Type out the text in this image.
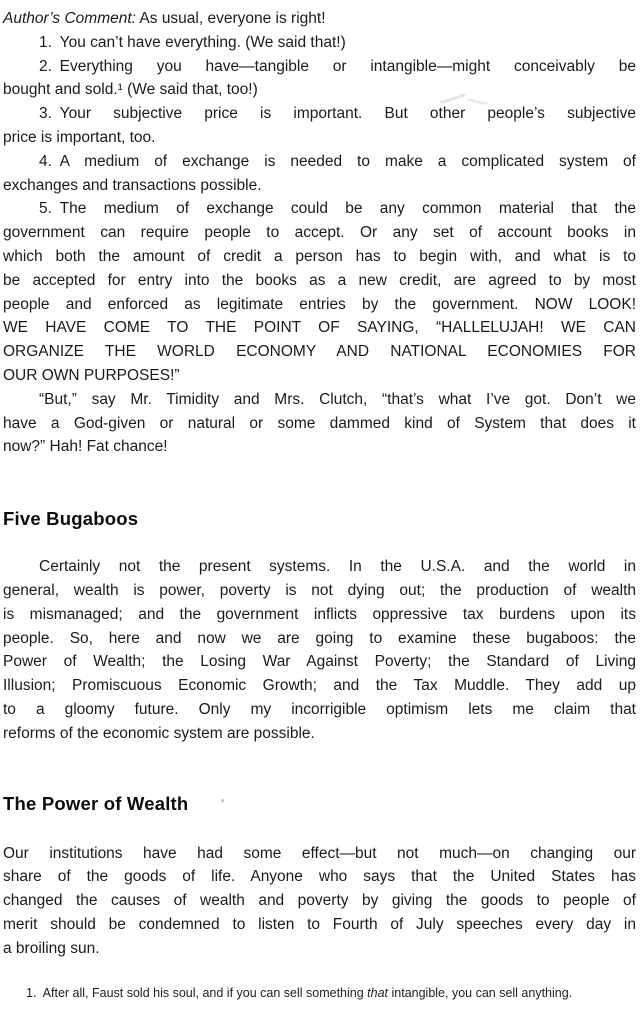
Author’s Comment: As usual, everyone is right!
1. You can’t have everything. (We said that!)
2. Everything you have—tangible or intangible—might conceivably be
bought and sold.¹ (We said that, too!)
3. Your subjective price is important. But other people’s subjective
price is important, too.
4. A medium of exchange is needed to make a complicated system of
exchanges and transactions possible.
5. The medium of exchange could be any common material that the
government can require people to accept. Or any set of account books in
which both the amount of credit a person has to begin with, and what is to
be accepted for entry into the books as a new credit, are agreed to by most
people and enforced as legitimate entries by the government. NOW LOOK!
WE HAVE COME TO THE POINT OF SAYING, “HALLELUJAH! WE CAN
ORGANIZE THE WORLD ECONOMY AND NATIONAL ECONOMIES FOR
OUR OWN PURPOSES!”
“But,” say Mr. Timidity and Mrs. Clutch, “that’s what I’ve got. Don’t we
have a God-given or natural or some dammed kind of System that does it
now?” Hah! Fat chance!
Five Bugaboos
Certainly not the present systems. In the U.S.A. and the world in
general, wealth is power, poverty is not dying out; the production of wealth
is mismanaged; and the government inflicts oppressive tax burdens upon its
people. So, here and now we are going to examine these bugaboos: the
Power of Wealth; the Losing War Against Poverty; the Standard of Living
Illusion; Promiscuous Economic Growth; and the Tax Muddle. They add up
to a gloomy future. Only my incorrigible optimism lets me claim that
reforms of the economic system are possible.
The Power of Wealth
Our institutions have had some effect—but not much—on changing our
share of the goods of life. Anyone who says that the United States has
changed the causes of wealth and poverty by giving the goods to people of
merit should be condemned to listen to Fourth of July speeches every day in
a broiling sun.
1. After all, Faust sold his soul, and if you can sell something that intangible, you can sell anything.
